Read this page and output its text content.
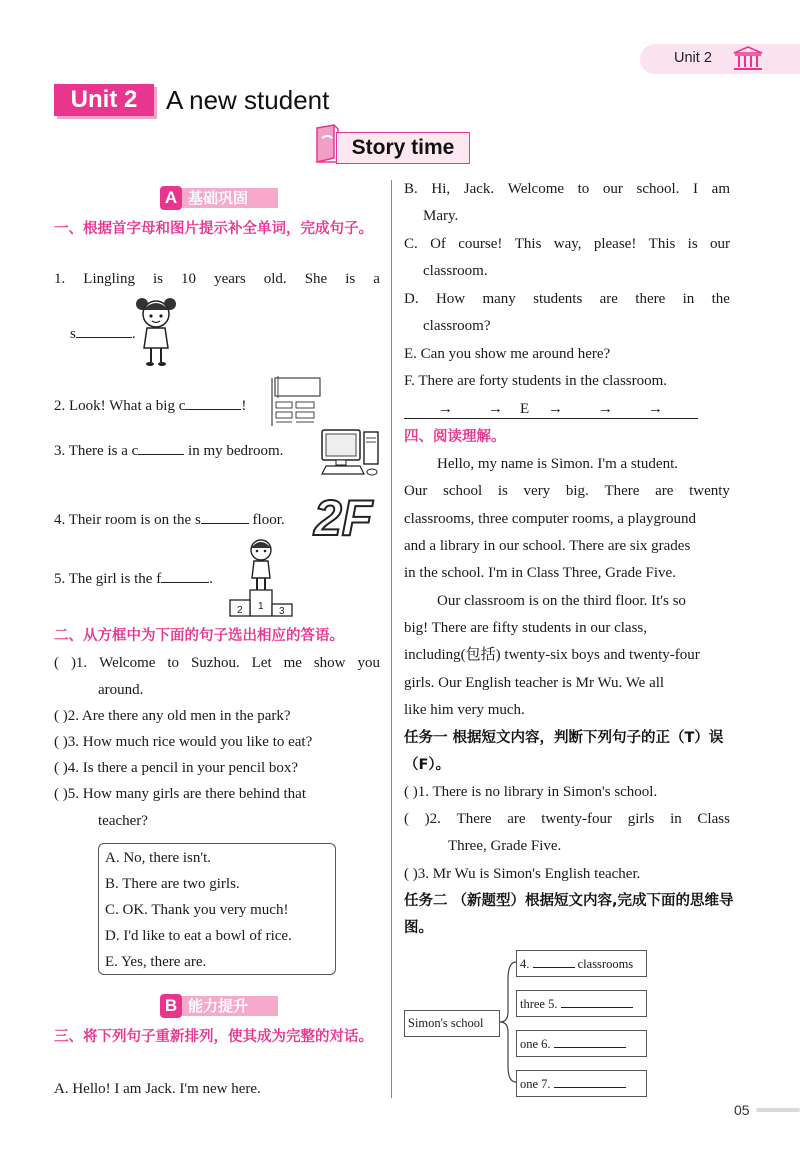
Unit 2
Unit 2	A new student
Story time
A 基础巩固
一、根据首字母和图片提示补全单词，完成句子。
1. Lingling is 10 years old. She is a
s	.
2. Look! What a big c	!
3. There is a c	in my bedroom.
4. Their room is on the s	floor. 2F
5. The girl is the f	.
1
2	3
二、从方框中为下面的句子选出相应的答语。
( )1. Welcome to Suzhou. Let me show you
around.
( )2. Are there any old men in the park?
( )3. How much rice would you like to eat?
( )4. Is there a pencil in your pencil box?
( )5. How many girls are there behind that
teacher?
A. No, there isn't.
B. There are two girls.
C. OK. Thank you very much!
D. I'd like to eat a bowl of rice.
E. Yes, there are.
B 能力提升
三、将下列句子重新排列，使其成为完整的对话。
A. Hello! I am Jack. I'm new here.
B. Hi, Jack. Welcome to our school. I am
Mary.
C. Of course! This way, please! This is our
classroom.
D. How many students are there in the
classroom?
E. Can you show me around here?
F. There are forty students in the classroom.
→ → E → → →
四、阅读理解。
Hello, my name is Simon. I'm a student.
Our school is very big. There are twenty
classrooms, three computer rooms, a playground
and a library in our school. There are six grades
in the school. I'm in Class Three, Grade Five.
Our classroom is on the third floor. It's so
big! There are fifty students in our class,
including(包括) twenty-six boys and twenty-four
girls. Our English teacher is Mr Wu. We all
like him very much.
任务一 根据短文内容，判断下列句子的正（T）误（F）。
( )1. There is no library in Simon's school.
( )2. There are twenty-four girls in Class
Three, Grade Five.
( )3. Mr Wu is Simon's English teacher.
任务二 （新题型）根据短文内容,完成下面的思维导图。
Simon's school
4.	classrooms
three 5.
one 6.
one 7.
05
